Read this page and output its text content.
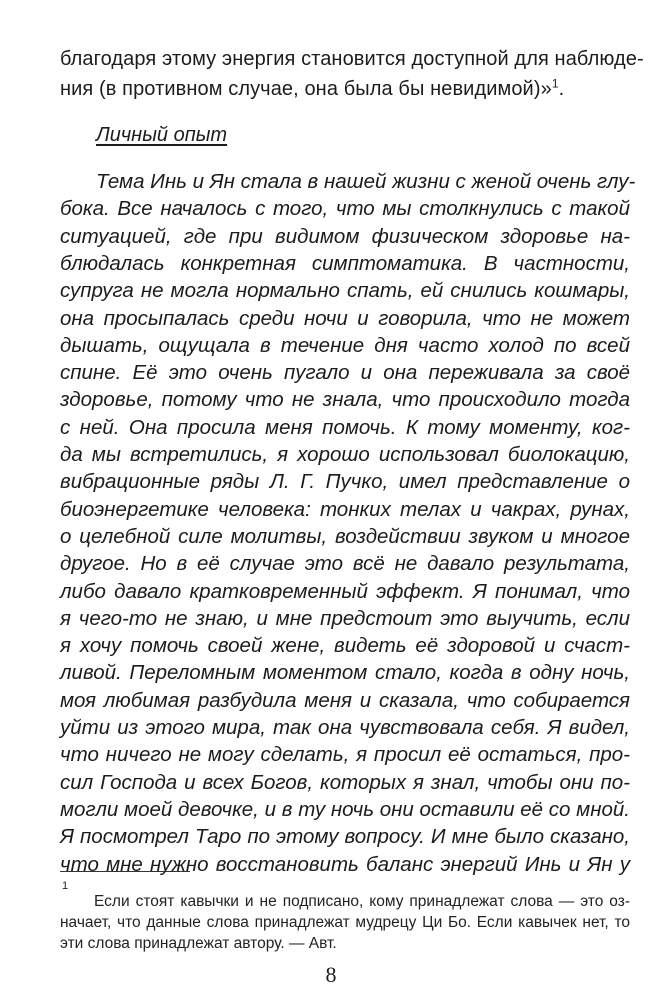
благодаря этому энергия становится доступной для наблюде-

ния (в противном случае, она была бы невидимой)»$^1$.

Личный опыт

Тема Инь и Ян стала в нашей жизни с женой очень глу-

бока. Все началось с того, что мы столкнулись с такой

ситуацией, где при видимом физическом здоровье на-

блюдалась конкретная симптоматика. В частности,

супруга не могла нормально спать, ей снились кошмары,

она просыпалась среди ночи и говорила, что не может

дышать, ощущала в течение дня часто холод по всей

спине. Её это очень пугало и она переживала за своё

здоровье, потому что не знала, что происходило тогда

с ней. Она просила меня помочь. К тому моменту, ког-

да мы встретились, я хорошо использовал биолокацию,

вибрационные ряды Л. Г. Пучко, имел представление о

биоэнергетике человека: тонких телах и чакрах, рунах,

о целебной силе молитвы, воздействии звуком и многое

другое. Но в её случае это всё не давало результата,

либо давало кратковременный эффект. Я понимал, что

я чего-то не знаю, и мне предстоит это выучить, если

я хочу помочь своей жене, видеть её здоровой и счаст-

ливой. Переломным моментом стало, когда в одну ночь,

моя любимая разбудила меня и сказала, что собирается

уйти из этого мира, так она чувствовала себя. Я видел,

что ничего не могу сделать, я просил её остаться, про-

сил Господа и всех Богов, которых я знал, чтобы они по-

могли моей девочке, и в ту ночь они оставили её со мной.

Я посмотрел Таро по этому вопросу. И мне было сказано,

что мне нужно восстановить баланс энергий Инь и Ян у

1

Если стоят кавычки и не подписано, кому принадлежат слова — это оз-

начает, что данные слова принадлежат мудрецу Ци Бо. Если кавычек нет, то

эти слова принадлежат автору. — Авт.

8
